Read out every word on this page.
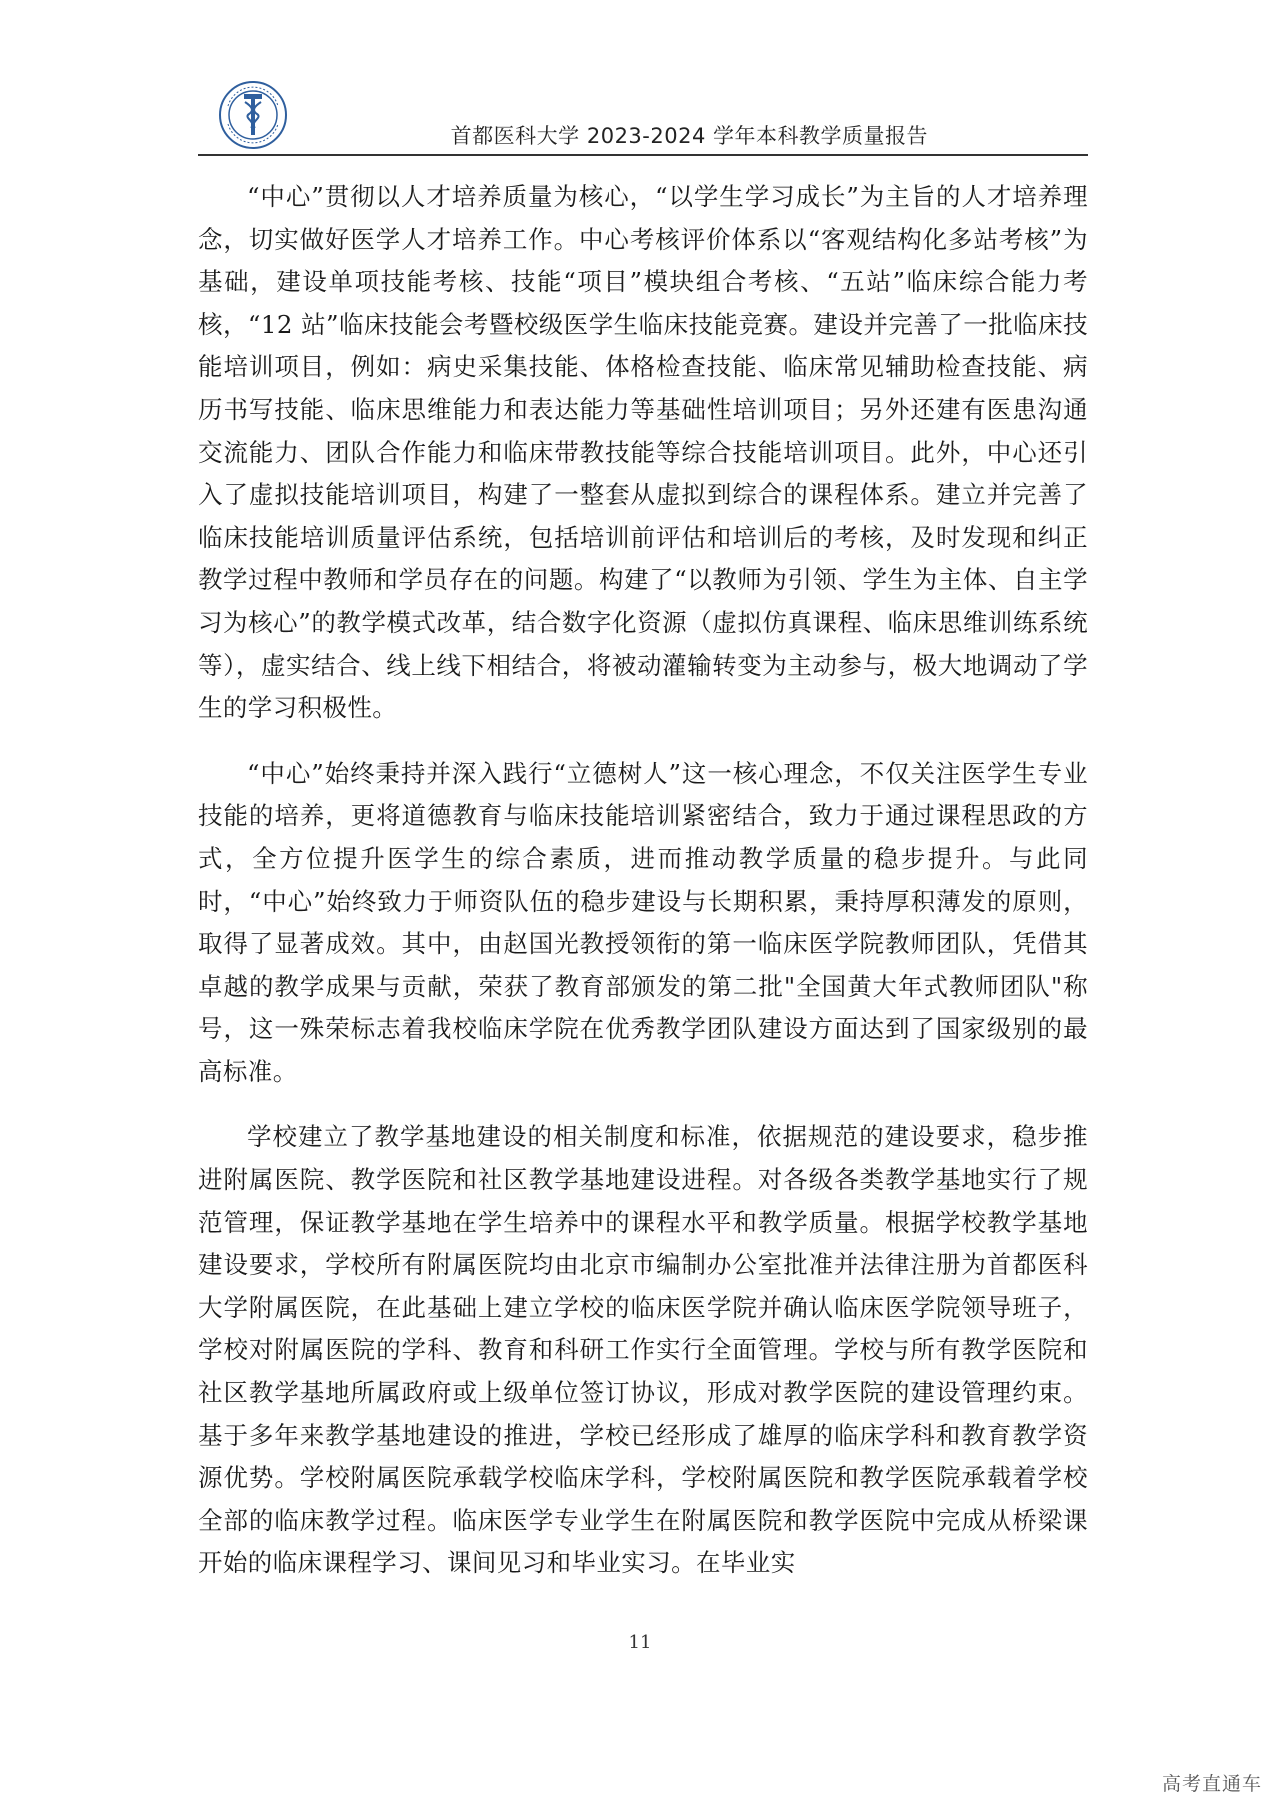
首都医科大学 2023-2024 学年本科教学质量报告

“中心”贯彻以人才培养质量为核心，“以学生学习成长”为主旨的人才培养理念，切实做好医学人才培养工作。中心考核评价体系以“客观结构化多站考核”为基础，建设单项技能考核、技能“项目”模块组合考核、“五站”临床综合能力考核，“12 站”临床技能会考暨校级医学生临床技能竞赛。建设并完善了一批临床技能培训项目，例如：病史采集技能、体格检查技能、临床常见辅助检查技能、病历书写技能、临床思维能力和表达能力等基础性培训项目；另外还建有医患沟通交流能力、团队合作能力和临床带教技能等综合技能培训项目。此外，中心还引入了虚拟技能培训项目，构建了一整套从虚拟到综合的课程体系。建立并完善了临床技能培训质量评估系统，包括培训前评估和培训后的考核，及时发现和纠正教学过程中教师和学员存在的问题。构建了“以教师为引领、学生为主体、自主学习为核心”的教学模式改革，结合数字化资源（虚拟仿真课程、临床思维训练系统等），虚实结合、线上线下相结合，将被动灌输转变为主动参与，极大地调动了学生的学习积极性。

“中心”始终秉持并深入践行“立德树人”这一核心理念，不仅关注医学生专业技能的培养，更将道德教育与临床技能培训紧密结合，致力于通过课程思政的方式，全方位提升医学生的综合素质，进而推动教学质量的稳步提升。与此同时，“中心”始终致力于师资队伍的稳步建设与长期积累，秉持厚积薄发的原则，取得了显著成效。其中，由赵国光教授领衔的第一临床医学院教师团队，凭借其卓越的教学成果与贡献，荣获了教育部颁发的第二批"全国黄大年式教师团队"称号，这一殊荣标志着我校临床学院在优秀教学团队建设方面达到了国家级别的最高标准。

学校建立了教学基地建设的相关制度和标准，依据规范的建设要求，稳步推进附属医院、教学医院和社区教学基地建设进程。对各级各类教学基地实行了规范管理，保证教学基地在学生培养中的课程水平和教学质量。根据学校教学基地建设要求，学校所有附属医院均由北京市编制办公室批准并法律注册为首都医科大学附属医院，在此基础上建立学校的临床医学院并确认临床医学院领导班子，学校对附属医院的学科、教育和科研工作实行全面管理。学校与所有教学医院和社区教学基地所属政府或上级单位签订协议，形成对教学医院的建设管理约束。基于多年来教学基地建设的推进，学校已经形成了雄厚的临床学科和教育教学资源优势。学校附属医院承载学校临床学科，学校附属医院和教学医院承载着学校全部的临床教学过程。临床医学专业学生在附属医院和教学医院中完成从桥梁课开始的临床课程学习、课间见习和毕业实习。在毕业实

11
高考直通车
